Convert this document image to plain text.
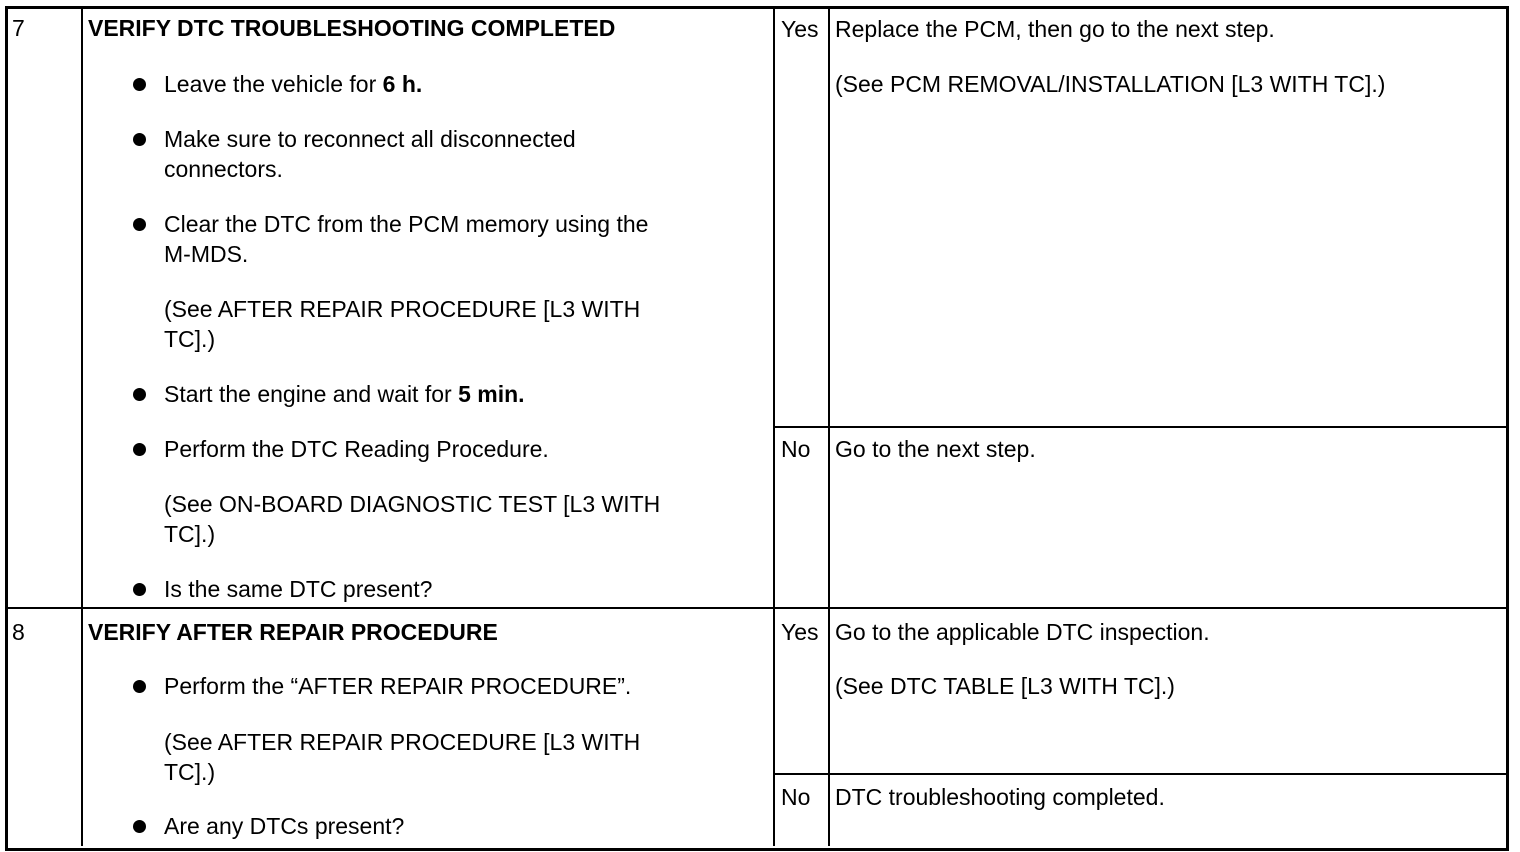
7	VERIFY DTC TROUBLESHOOTING COMPLETED
Leave the vehicle for 6 h.
Make sure to reconnect all disconnected
connectors.
Clear the DTC from the PCM memory using the
M-MDS.
(See AFTER REPAIR PROCEDURE [L3 WITH
TC].)
Start the engine and wait for 5 min.
Perform the DTC Reading Procedure.
(See ON-BOARD DIAGNOSTIC TEST [L3 WITH
TC].)
Is the same DTC present?
Yes Replace the PCM, then go to the next step.
(See PCM REMOVAL/INSTALLATION [L3 WITH TC].)
No Go to the next step.
8	VERIFY AFTER REPAIR PROCEDURE
Perform the “AFTER REPAIR PROCEDURE”.
(See AFTER REPAIR PROCEDURE [L3 WITH
TC].)
Are any DTCs present?
Yes Go to the applicable DTC inspection.
(See DTC TABLE [L3 WITH TC].)
No DTC troubleshooting completed.
